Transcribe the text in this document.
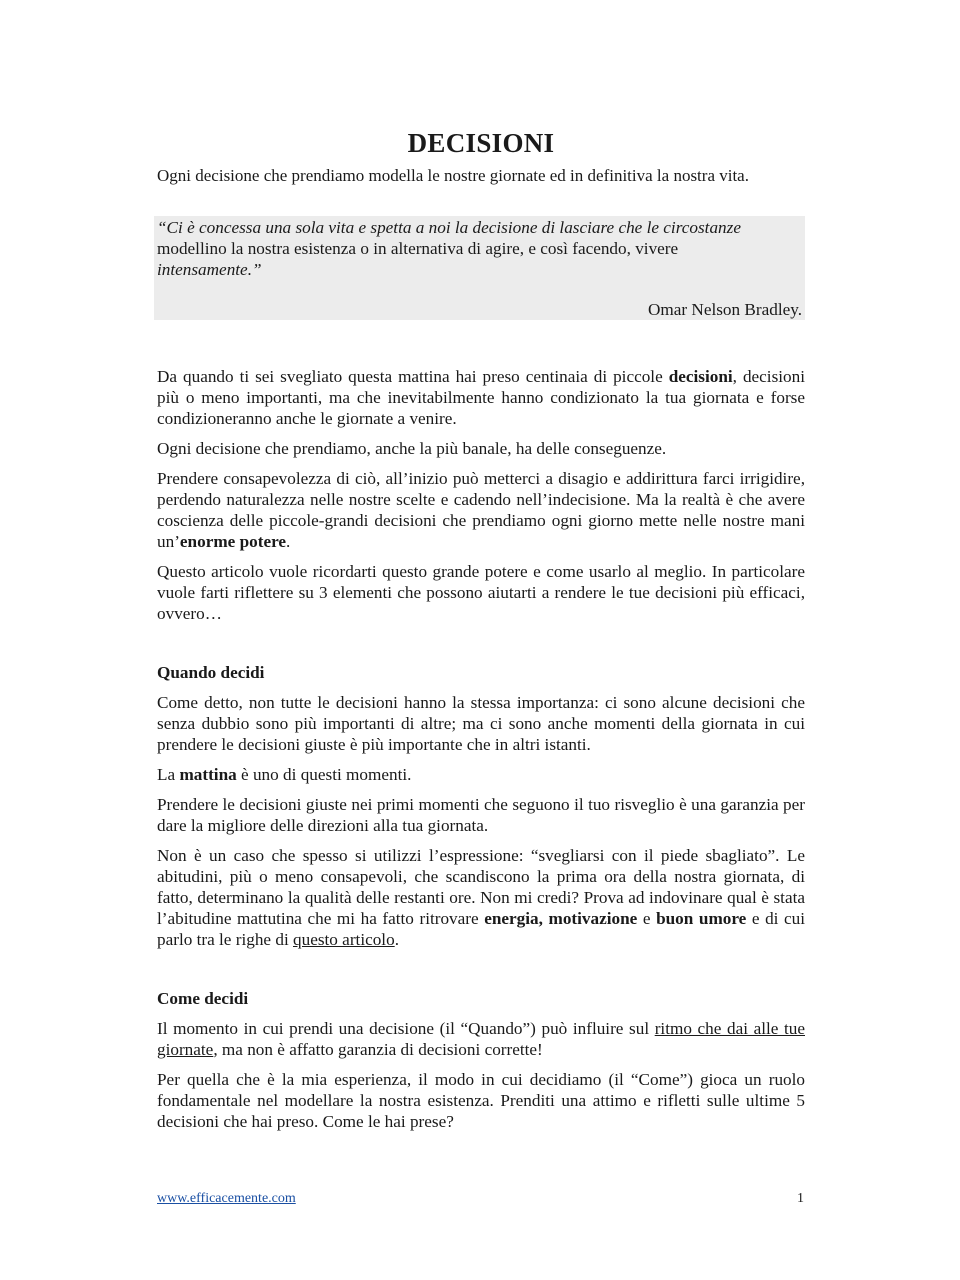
DECISIONI

Ogni decisione che prendiamo modella le nostre giornate ed in definitiva la nostra vita.

“Ci è concessa una sola vita e spetta a noi la decisione di lasciare che le circostanze
modellino la nostra esistenza o in alternativa di agire, e così facendo, vivere
intensamente.”

Omar Nelson Bradley.

Da quando ti sei svegliato questa mattina hai preso centinaia di piccole decisioni, decisioni più o meno importanti, ma che inevitabilmente hanno condizionato la tua giornata e forse condizioneranno anche le giornate a venire.

Ogni decisione che prendiamo, anche la più banale, ha delle conseguenze.

Prendere consapevolezza di ciò, all’inizio può metterci a disagio e addirittura farci irrigidire, perdendo naturalezza nelle nostre scelte e cadendo nell’indecisione. Ma la realtà è che avere coscienza delle piccole-grandi decisioni che prendiamo ogni giorno mette nelle nostre mani un’enorme potere.

Questo articolo vuole ricordarti questo grande potere e come usarlo al meglio. In particolare vuole farti riflettere su 3 elementi che possono aiutarti a rendere le tue decisioni più efficaci, ovvero…

Quando decidi

Come detto, non tutte le decisioni hanno la stessa importanza: ci sono alcune decisioni che senza dubbio sono più importanti di altre; ma ci sono anche momenti della giornata in cui prendere le decisioni giuste è più importante che in altri istanti.

La mattina è uno di questi momenti.

Prendere le decisioni giuste nei primi momenti che seguono il tuo risveglio è una garanzia per dare la migliore delle direzioni alla tua giornata.

Non è un caso che spesso si utilizzi l’espressione: “svegliarsi con il piede sbagliato”. Le abitudini, più o meno consapevoli, che scandiscono la prima ora della nostra giornata, di fatto, determinano la qualità delle restanti ore. Non mi credi? Prova ad indovinare qual è stata l’abitudine mattutina che mi ha fatto ritrovare energia, motivazione e buon umore e di cui parlo tra le righe di questo articolo.

Come decidi

Il momento in cui prendi una decisione (il “Quando”) può influire sul ritmo che dai alle tue giornate, ma non è affatto garanzia di decisioni corrette!

Per quella che è la mia esperienza, il modo in cui decidiamo (il “Come”) gioca un ruolo fondamentale nel modellare la nostra esistenza. Prenditi una attimo e rifletti sulle ultime 5 decisioni che hai preso. Come le hai prese?

www.efficacemente.com	1
